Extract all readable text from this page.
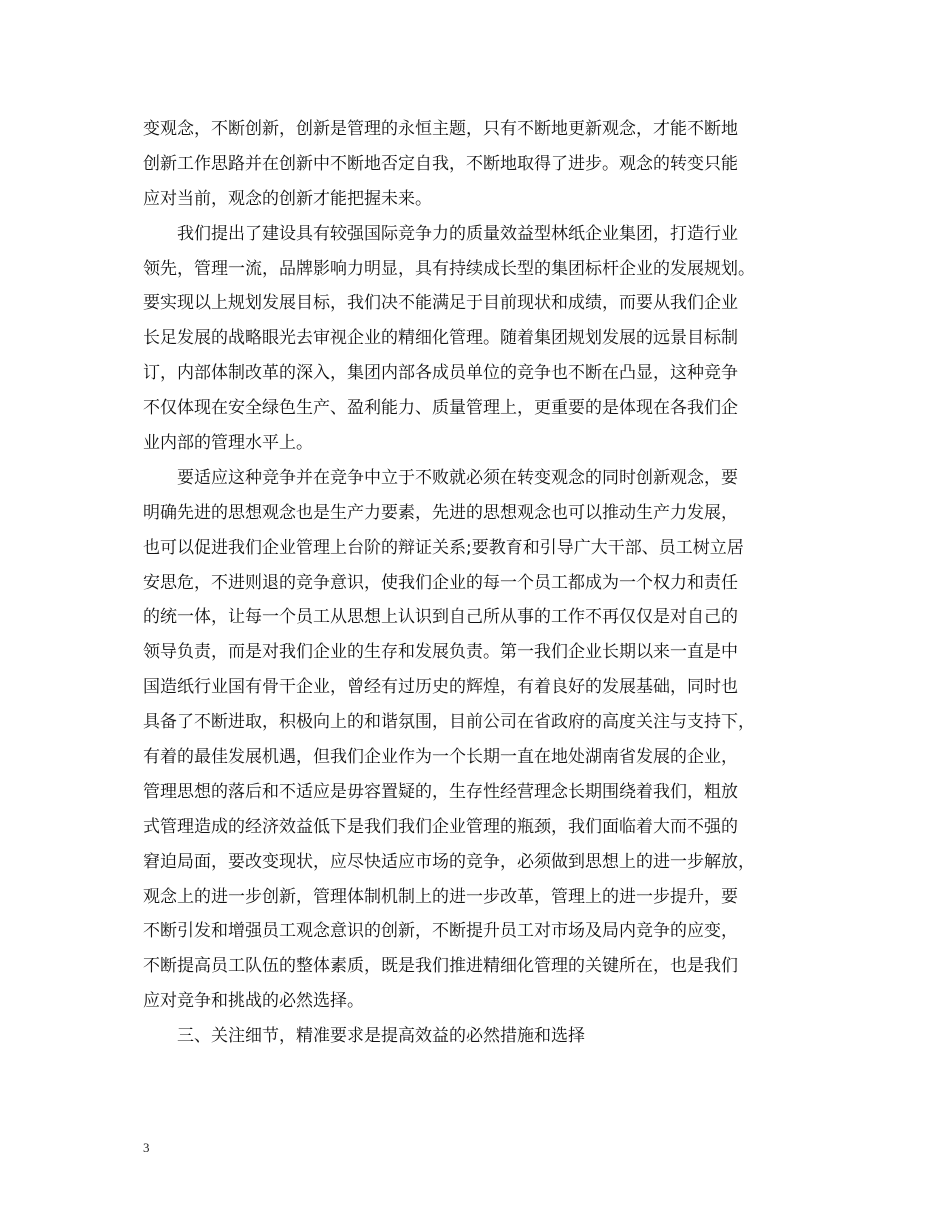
变观念，不断创新，创新是管理的永恒主题，只有不断地更新观念，才能不断地
创新工作思路并在创新中不断地否定自我，不断地取得了进步。观念的转变只能
应对当前，观念的创新才能把握未来。

我们提出了建设具有较强国际竞争力的质量效益型林纸企业集团，打造行业
领先，管理一流，品牌影响力明显，具有持续成长型的集团标杆企业的发展规划。
要实现以上规划发展目标，我们决不能满足于目前现状和成绩，而要从我们企业
长足发展的战略眼光去审视企业的精细化管理。随着集团规划发展的远景目标制
订，内部体制改革的深入，集团内部各成员单位的竞争也不断在凸显，这种竞争
不仅体现在安全绿色生产、盈利能力、质量管理上，更重要的是体现在各我们企
业内部的管理水平上。

要适应这种竞争并在竞争中立于不败就必须在转变观念的同时创新观念，要
明确先进的思想观念也是生产力要素，先进的思想观念也可以推动生产力发展，
也可以促进我们企业管理上台阶的辩证关系;要教育和引导广大干部、员工树立居
安思危，不进则退的竞争意识，使我们企业的每一个员工都成为一个权力和责任
的统一体，让每一个员工从思想上认识到自己所从事的工作不再仅仅是对自己的
领导负责，而是对我们企业的生存和发展负责。第一我们企业长期以来一直是中
国造纸行业国有骨干企业，曾经有过历史的辉煌，有着良好的发展基础，同时也
具备了不断进取，积极向上的和谐氛围，目前公司在省政府的高度关注与支持下，
有着的最佳发展机遇，但我们企业作为一个长期一直在地处湖南省发展的企业，
管理思想的落后和不适应是毋容置疑的，生存性经营理念长期围绕着我们，粗放
式管理造成的经济效益低下是我们我们企业管理的瓶颈，我们面临着大而不强的
窘迫局面，要改变现状，应尽快适应市场的竞争，必须做到思想上的进一步解放，
观念上的进一步创新，管理体制机制上的进一步改革，管理上的进一步提升，要
不断引发和增强员工观念意识的创新，不断提升员工对市场及局内竞争的应变，
不断提高员工队伍的整体素质，既是我们推进精细化管理的关键所在，也是我们
应对竞争和挑战的必然选择。

三、关注细节，精准要求是提高效益的必然措施和选择

3
